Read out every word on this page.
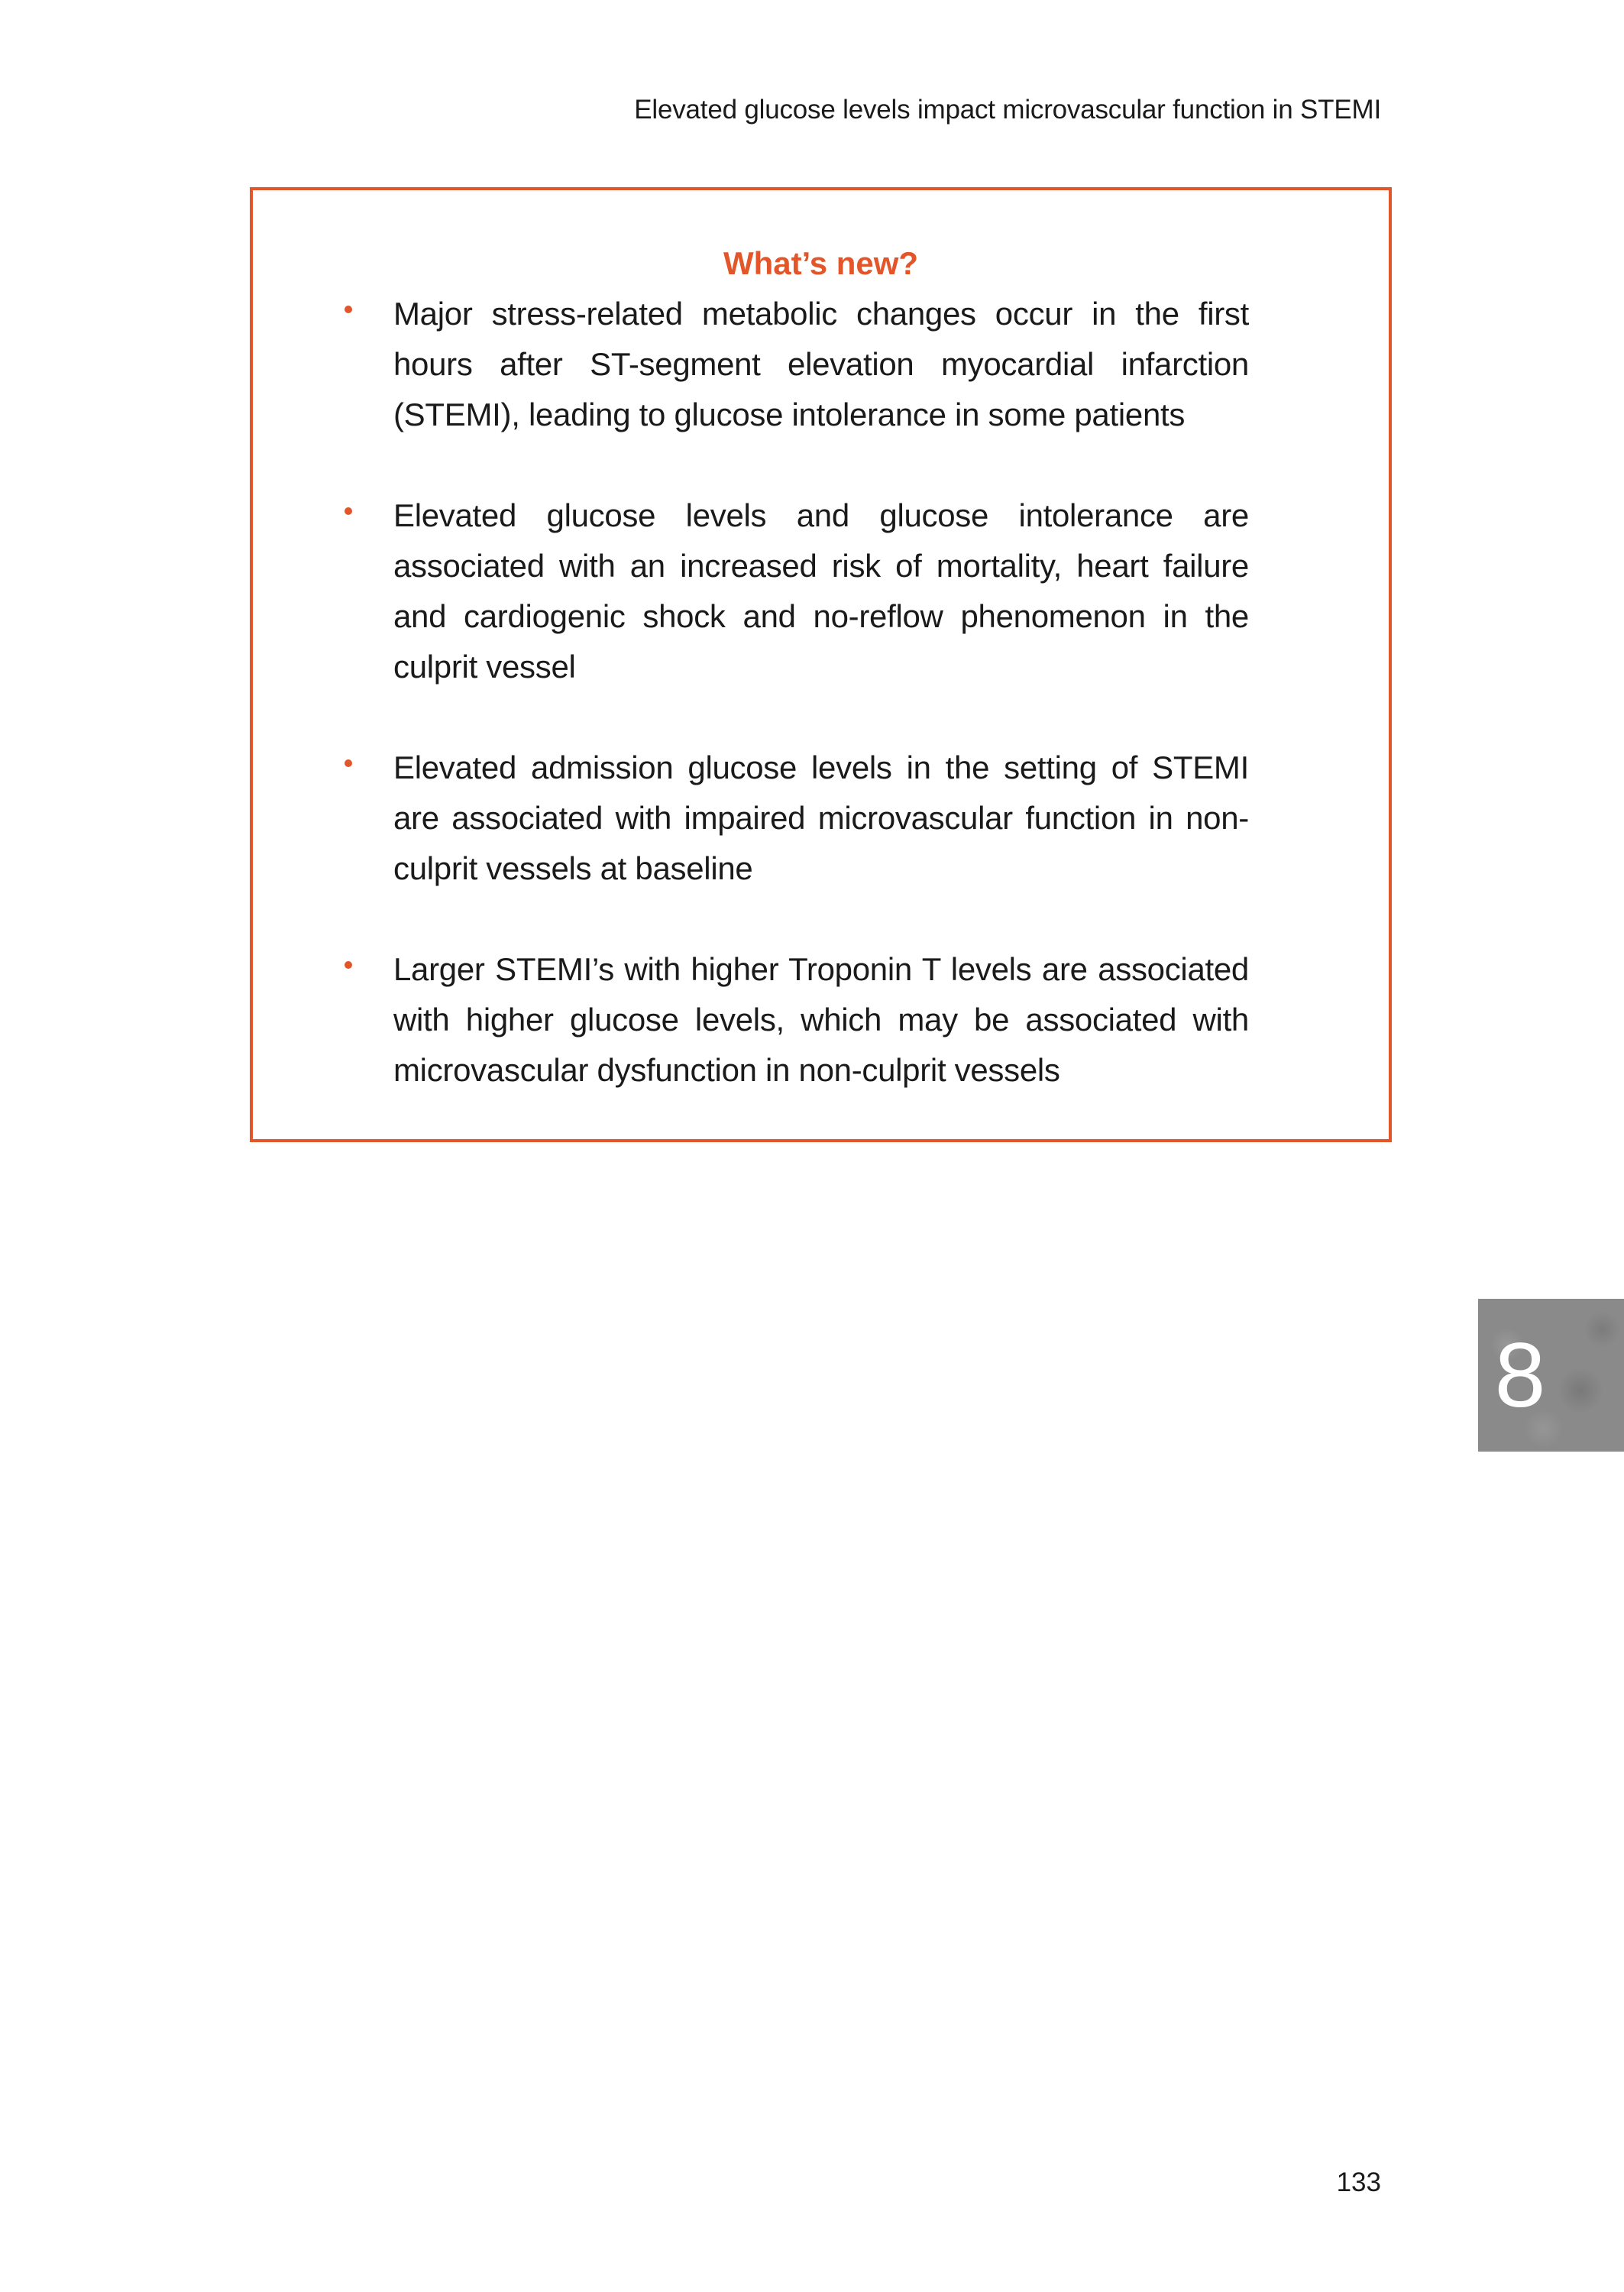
Elevated glucose levels impact microvascular function in STEMI
What’s new?
Major stress-related metabolic changes occur in the first hours after ST-segment elevation myocardial infarction (STEMI), leading to glucose intolerance in some patients
Elevated glucose levels and glucose intolerance are associated with an increased risk of mortality, heart failure and cardiogenic shock and no-reflow phenomenon in the culprit vessel
Elevated admission glucose levels in the setting of STEMI are associated with impaired microvascular function in non-culprit vessels at baseline
Larger STEMI’s with higher Troponin T levels are associated with higher glucose levels, which may be associated with microvascular dysfunction in non-culprit vessels
8
133
